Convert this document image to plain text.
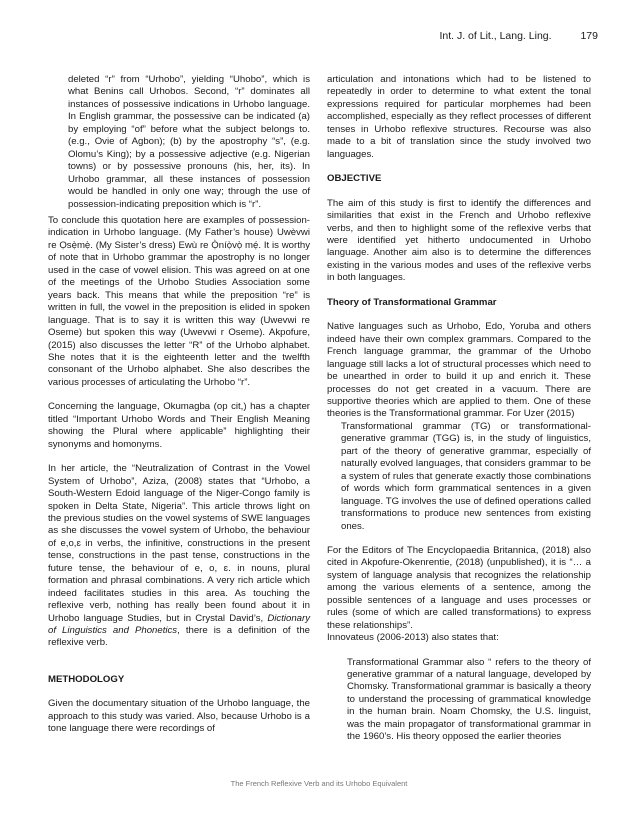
Int. J. of Lit., Lang. Ling.	179

deleted “r” from “Urhobo”, yielding “Uhobo”, which is what Benins call Urhobos. Second, “r” dominates all instances of possessive indications in Urhobo language. In English grammar, the possessive can be indicated (a) by employing “of” before what the subject belongs to. (e.g., Ovie of Agbon); (b) by the apostrophy “s”, (e.g. Olomu’s King); by a possessive adjective (e.g. Nigerian towns) or by possessive pronouns (his, her, its). In Urhobo grammar, all these instances of possession would be handled in only one way; through the use of possession-indicating preposition which is “r”.

To conclude this quotation here are examples of possession-indication in Urhobo language. (My Father’s house) Uwèvwi re Ọsẹ̀mẹ̀. (My Sister’s dress) Ewù re Ọ̀níọ̀vọ̀ mẹ́. It is worthy of note that in Urhobo grammar the apostrophy is no longer used in the case of vowel elision. This was agreed on at one of the meetings of the Urhobo Studies Association some years back. This means that while the preposition “re” is written in full, the vowel in the preposition is elided in spoken language. That is to say it is written this way (Uwevwi re Oseme) but spoken this way (Uwevwi r Oseme). Akpofure, (2015) also discusses the letter “R” of the Urhobo alphabet. She notes that it is the eighteenth letter and the twelfth consonant of the Urhobo alphabet. She also describes the various processes of articulating the Urhobo “r”.

Concerning the language, Okumagba (op cit,) has a chapter titled “Important Urhobo Words and Their English Meaning showing the Plural where applicable” highlighting their synonyms and homonyms.

In her article, the “Neutralization of Contrast in the Vowel System of Urhobo”, Aziza, (2008) states that “Urhobo, a South-Western Edoid language of the Niger-Congo family is spoken in Delta State, Nigeria”. This article throws light on the previous studies on the vowel systems of SWE languages as she discusses the vowel system of Urhobo, the behaviour of e,o,ɛ in verbs, the infinitive, constructions in the present tense, constructions in the past tense, constructions in the future tense, the behaviour of e, o, ɛ. in nouns, plural formation and phrasal combinations. A very rich article which indeed facilitates studies in this area. As touching the reflexive verb, nothing has really been found about it in Urhobo language Studies, but in Crystal David’s, Dictionary of Linguistics and Phonetics, there is a definition of the reflexive verb.

METHODOLOGY

Given the documentary situation of the Urhobo language, the approach to this study was varied. Also, because Urhobo is a tone language there were recordings of

articulation and intonations which had to be listened to repeatedly in order to determine to what extent the tonal expressions required for particular morphemes had been accomplished, especially as they reflect processes of different tenses in Urhobo reflexive structures. Recourse was also made to a bit of translation since the study involved two languages.

OBJECTIVE

The aim of this study is first to identify the differences and similarities that exist in the French and Urhobo reflexive verbs, and then to highlight some of the reflexive verbs that were identified yet hitherto undocumented in Urhobo language. Another aim also is to determine the differences existing in the various modes and uses of the reflexive verbs in both languages.

Theory of Transformational Grammar

Native languages such as Urhobo, Edo, Yoruba and others indeed have their own complex grammars. Compared to the French language grammar, the grammar of the Urhobo language still lacks a lot of structural processes which need to be unearthed in order to build it up and enrich it. These processes do not get created in a vacuum. There are supportive theories which are applied to them. One of these theories is the Transformational grammar. For Uzer (2015)

Transformational grammar (TG) or transformational-generative grammar (TGG) is, in the study of linguistics, part of the theory of generative grammar, especially of naturally evolved languages, that considers grammar to be a system of rules that generate exactly those combinations of words which form grammatical sentences in a given language. TG involves the use of defined operations called transformations to produce new sentences from existing ones.

For the Editors of The Encyclopaedia Britannica, (2018) also cited in Akpofure-Okenrentie, (2018) (unpublished), it is “… a system of language analysis that recognizes the relationship among the various elements of a sentence, among the possible sentences of a language and uses processes or rules (some of which are called transformations) to express these relationships”.

Innovateus (2006-2013) also states that:

Transformational Grammar also “ refers to the theory of generative grammar of a natural language, developed by Chomsky. Transformational grammar is basically a theory to understand the processing of grammatical knowledge in the human brain. Noam Chomsky, the U.S. linguist, was the main propagator of transformational grammar in the 1960’s. His theory opposed the earlier theories

The French Reflexive Verb and its Urhobo Equivalent
